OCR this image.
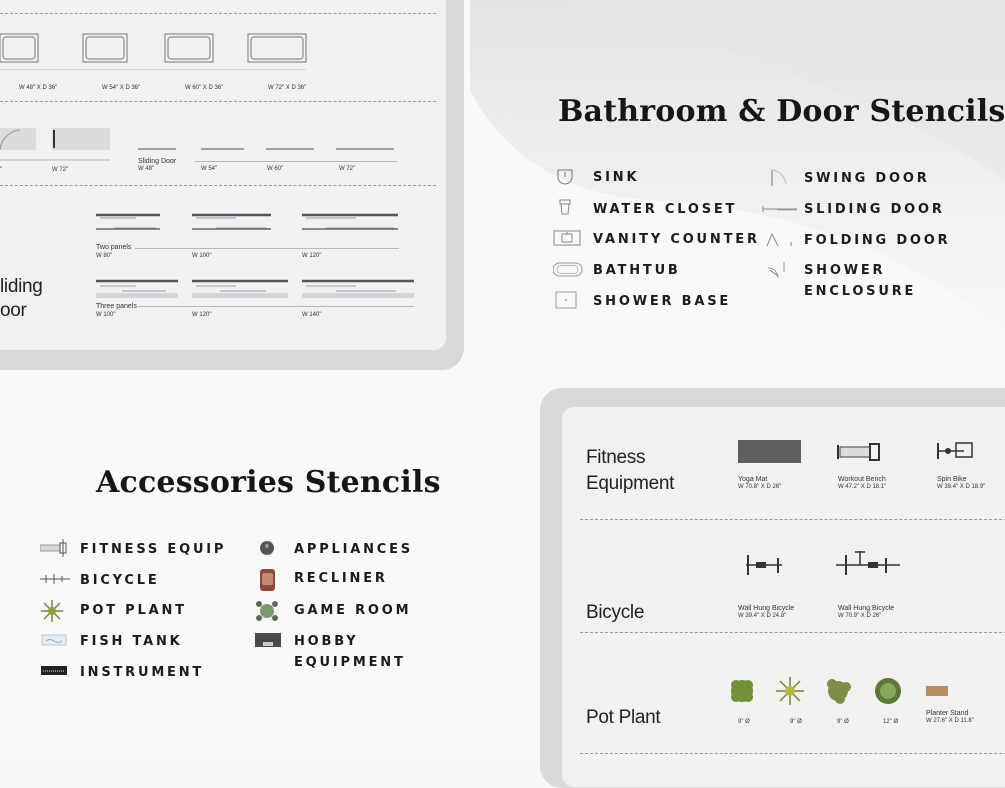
W 48" X D 36"	W 54" X D 36"	W 60" X D 36"	W 72" X D 36"
"	W 72"
Sliding Door
W 48"	W 54"	W 60"	W 72"
liding
oor
Two panels
W 80"	W 100"	W 120"
Three panels
W 100"	W 120"	W 140"
Bathroom & Door Stencils
SINK
WATER CLOSET
VANITY COUNTER
BATHTUB
SHOWER BASE
SWING DOOR
SLIDING DOOR
FOLDING DOOR
SHOWER
ENCLOSURE
Accessories Stencils
FITNESS EQUIP
BICYCLE
POT PLANT
FISH TANK
INSTRUMENT
APPLIANCES
RECLINER
GAME ROOM
HOBBY
EQUIPMENT
Fitness
Equipment	Yoga Mat
W 70.8" X D 26"
Workout Bench
W 47.2" X D 18.1"
Spin Bike
W 39.4" X D 18.9"
Bicycle	Wall Hung Bicycle
W 39.4" X D 24.8"
Wall Hung Bicycle
W 70.9" X D 26"
Pot Plant	9" Ø	9" Ø	9" Ø	12" Ø
Planter Stand
W 27.6" X D 11.8"
